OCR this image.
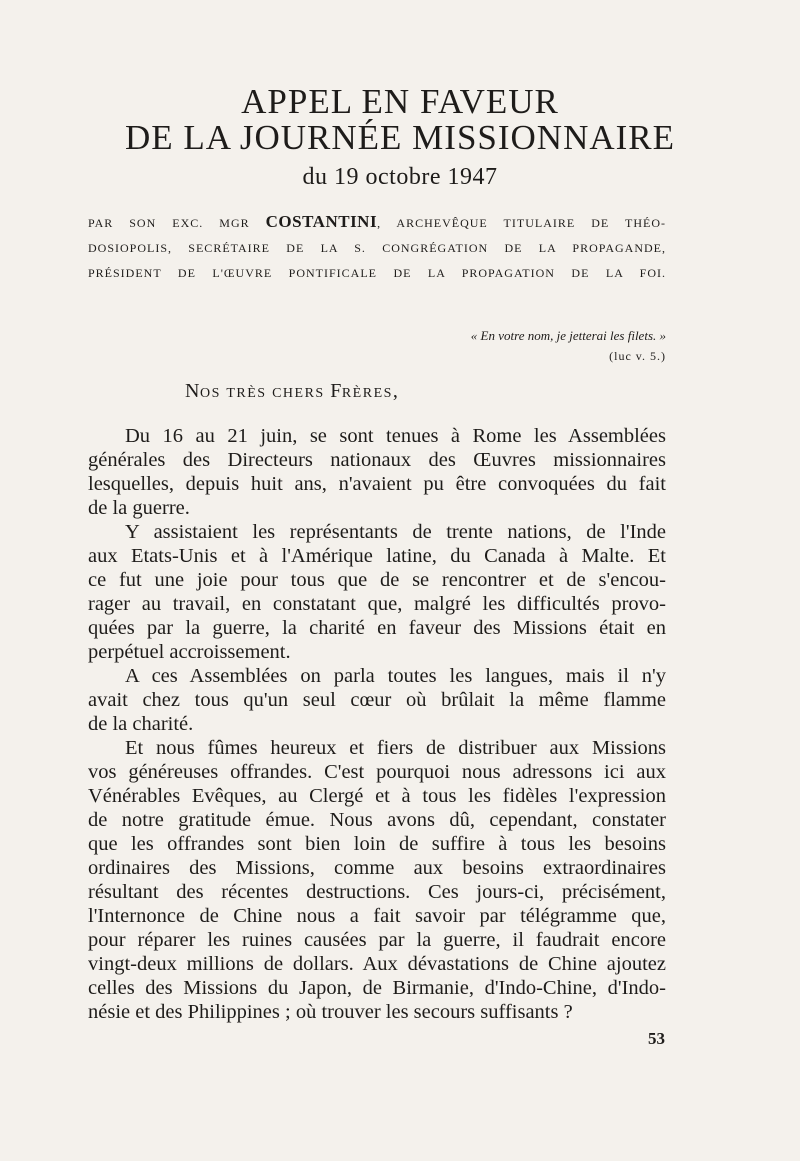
APPEL EN FAVEUR
DE LA JOURNÉE MISSIONNAIRE
du 19 octobre 1947
PAR SON EXC. MGR COSTANTINI, ARCHEVÊQUE TITULAIRE DE THÉO-
DOSIOPOLIS, SECRÉTAIRE DE LA S. CONGRÉGATION DE LA PROPAGANDE,
PRÉSIDENT DE L'ŒUVRE PONTIFICALE DE LA PROPAGATION DE LA FOI.
« En votre nom, je jetterai les filets. »
(luc v. 5.)
NOS TRÈS CHERS FRÈRES,
Du 16 au 21 juin, se sont tenues à Rome les Assemblées
générales des Directeurs nationaux des Œuvres missionnaires
lesquelles, depuis huit ans, n'avaient pu être convoquées du fait
de la guerre.
Y assistaient les représentants de trente nations, de l'Inde
aux Etats-Unis et à l'Amérique latine, du Canada à Malte. Et
ce fut une joie pour tous que de se rencontrer et de s'encou-
rager au travail, en constatant que, malgré les difficultés provo-
quées par la guerre, la charité en faveur des Missions était en
perpétuel accroissement.
A ces Assemblées on parla toutes les langues, mais il n'y
avait chez tous qu'un seul cœur où brûlait la même flamme
de la charité.
Et nous fûmes heureux et fiers de distribuer aux Missions
vos généreuses offrandes. C'est pourquoi nous adressons ici aux
Vénérables Evêques, au Clergé et à tous les fidèles l'expression
de notre gratitude émue. Nous avons dû, cependant, constater
que les offrandes sont bien loin de suffire à tous les besoins
ordinaires des Missions, comme aux besoins extraordinaires
résultant des récentes destructions. Ces jours-ci, précisément,
l'Internonce de Chine nous a fait savoir par télégramme que,
pour réparer les ruines causées par la guerre, il faudrait encore
vingt-deux millions de dollars. Aux dévastations de Chine ajoutez
celles des Missions du Japon, de Birmanie, d'Indo-Chine, d'Indo-
nésie et des Philippines ; où trouver les secours suffisants ?
53
